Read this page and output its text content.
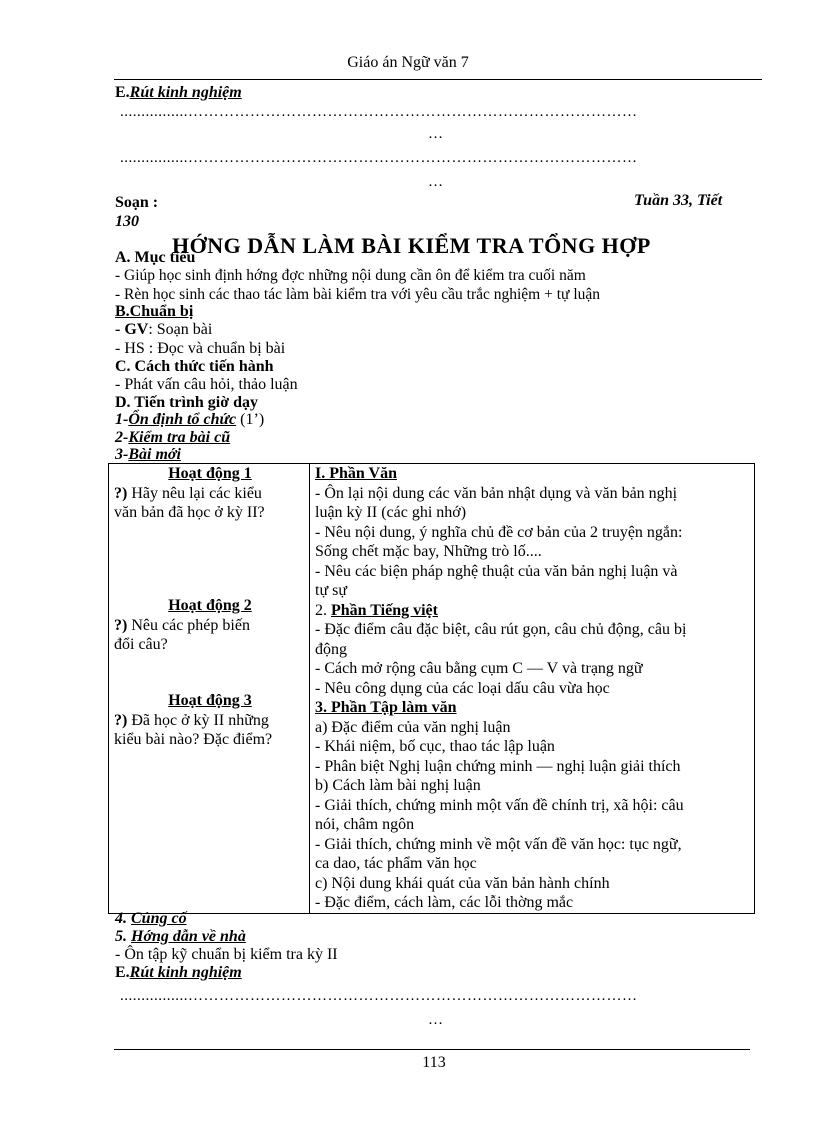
Giáo án Ngữ văn 7
E.Rút kinh nghiệm
................……………………………………………………………………………
…
................……………………………………………………………………………
…
Soạn :	Tuần 33, Tiết
130
HỚNG DẪN LÀM BÀI KIỂM TRA TỔNG HỢP
A. Mục tiêu
- Giúp học sinh định hớng đợc những nội dung cần ôn để kiểm tra cuối năm
- Rèn học sinh các thao tác làm bài kiểm tra với yêu cầu trắc nghiệm + tự luận
B.Chuẩn bị
- GV: Soạn bài
- HS : Đọc và chuẩn bị bài
C. Cách thức tiến hành
- Phát vấn câu hỏi, thảo luận
D. Tiến trình giờ dạy
1-Ổn định tổ chức (1’)
2-Kiểm tra bài cũ
3-Bài mới
Hoạt động 1
?) Hãy nêu lại các kiểu
văn bản đã học ở kỳ II?
Hoạt động 2
?) Nêu các phép biến
đổi câu?
Hoạt động 3
?) Đã học ở kỳ II những
kiểu bài nào? Đặc điểm?

I. Phần Văn
- Ôn lại nội dung các văn bản nhật dụng và văn bản nghị
luận kỳ II (các ghi nhớ)
- Nêu nội dung, ý nghĩa chủ đề cơ bản của 2 truyện ngắn:
Sống chết mặc bay, Những trò lố....
- Nêu các biện pháp nghệ thuật của văn bản nghị luận và
tự sự
2. Phần Tiếng việt
- Đặc điểm câu đặc biệt, câu rút gọn, câu chủ động, câu bị
động
- Cách mở rộng câu bằng cụm C — V và trạng ngữ
- Nêu công dụng của các loại dấu câu vừa học
3. Phần Tập làm văn
a) Đặc điểm của văn nghị luận
- Khái niệm, bố cục, thao tác lập luận
- Phân biệt Nghị luận chứng minh — nghị luận giải thích
b) Cách làm bài nghị luận
- Giải thích, chứng minh một vấn đề chính trị, xã hội: câu
nói, châm ngôn
- Giải thích, chứng minh về một vấn đề văn học: tục ngữ,
ca dao, tác phẩm văn học
c) Nội dung khái quát của văn bản hành chính
- Đặc điểm, cách làm, các lỗi thờng mắc
4. Củng cố
5. Hớng dẫn về nhà
- Ôn tập kỹ chuẩn bị kiểm tra kỳ II
E.Rút kinh nghiệm
................……………………………………………………………………………
…
113
